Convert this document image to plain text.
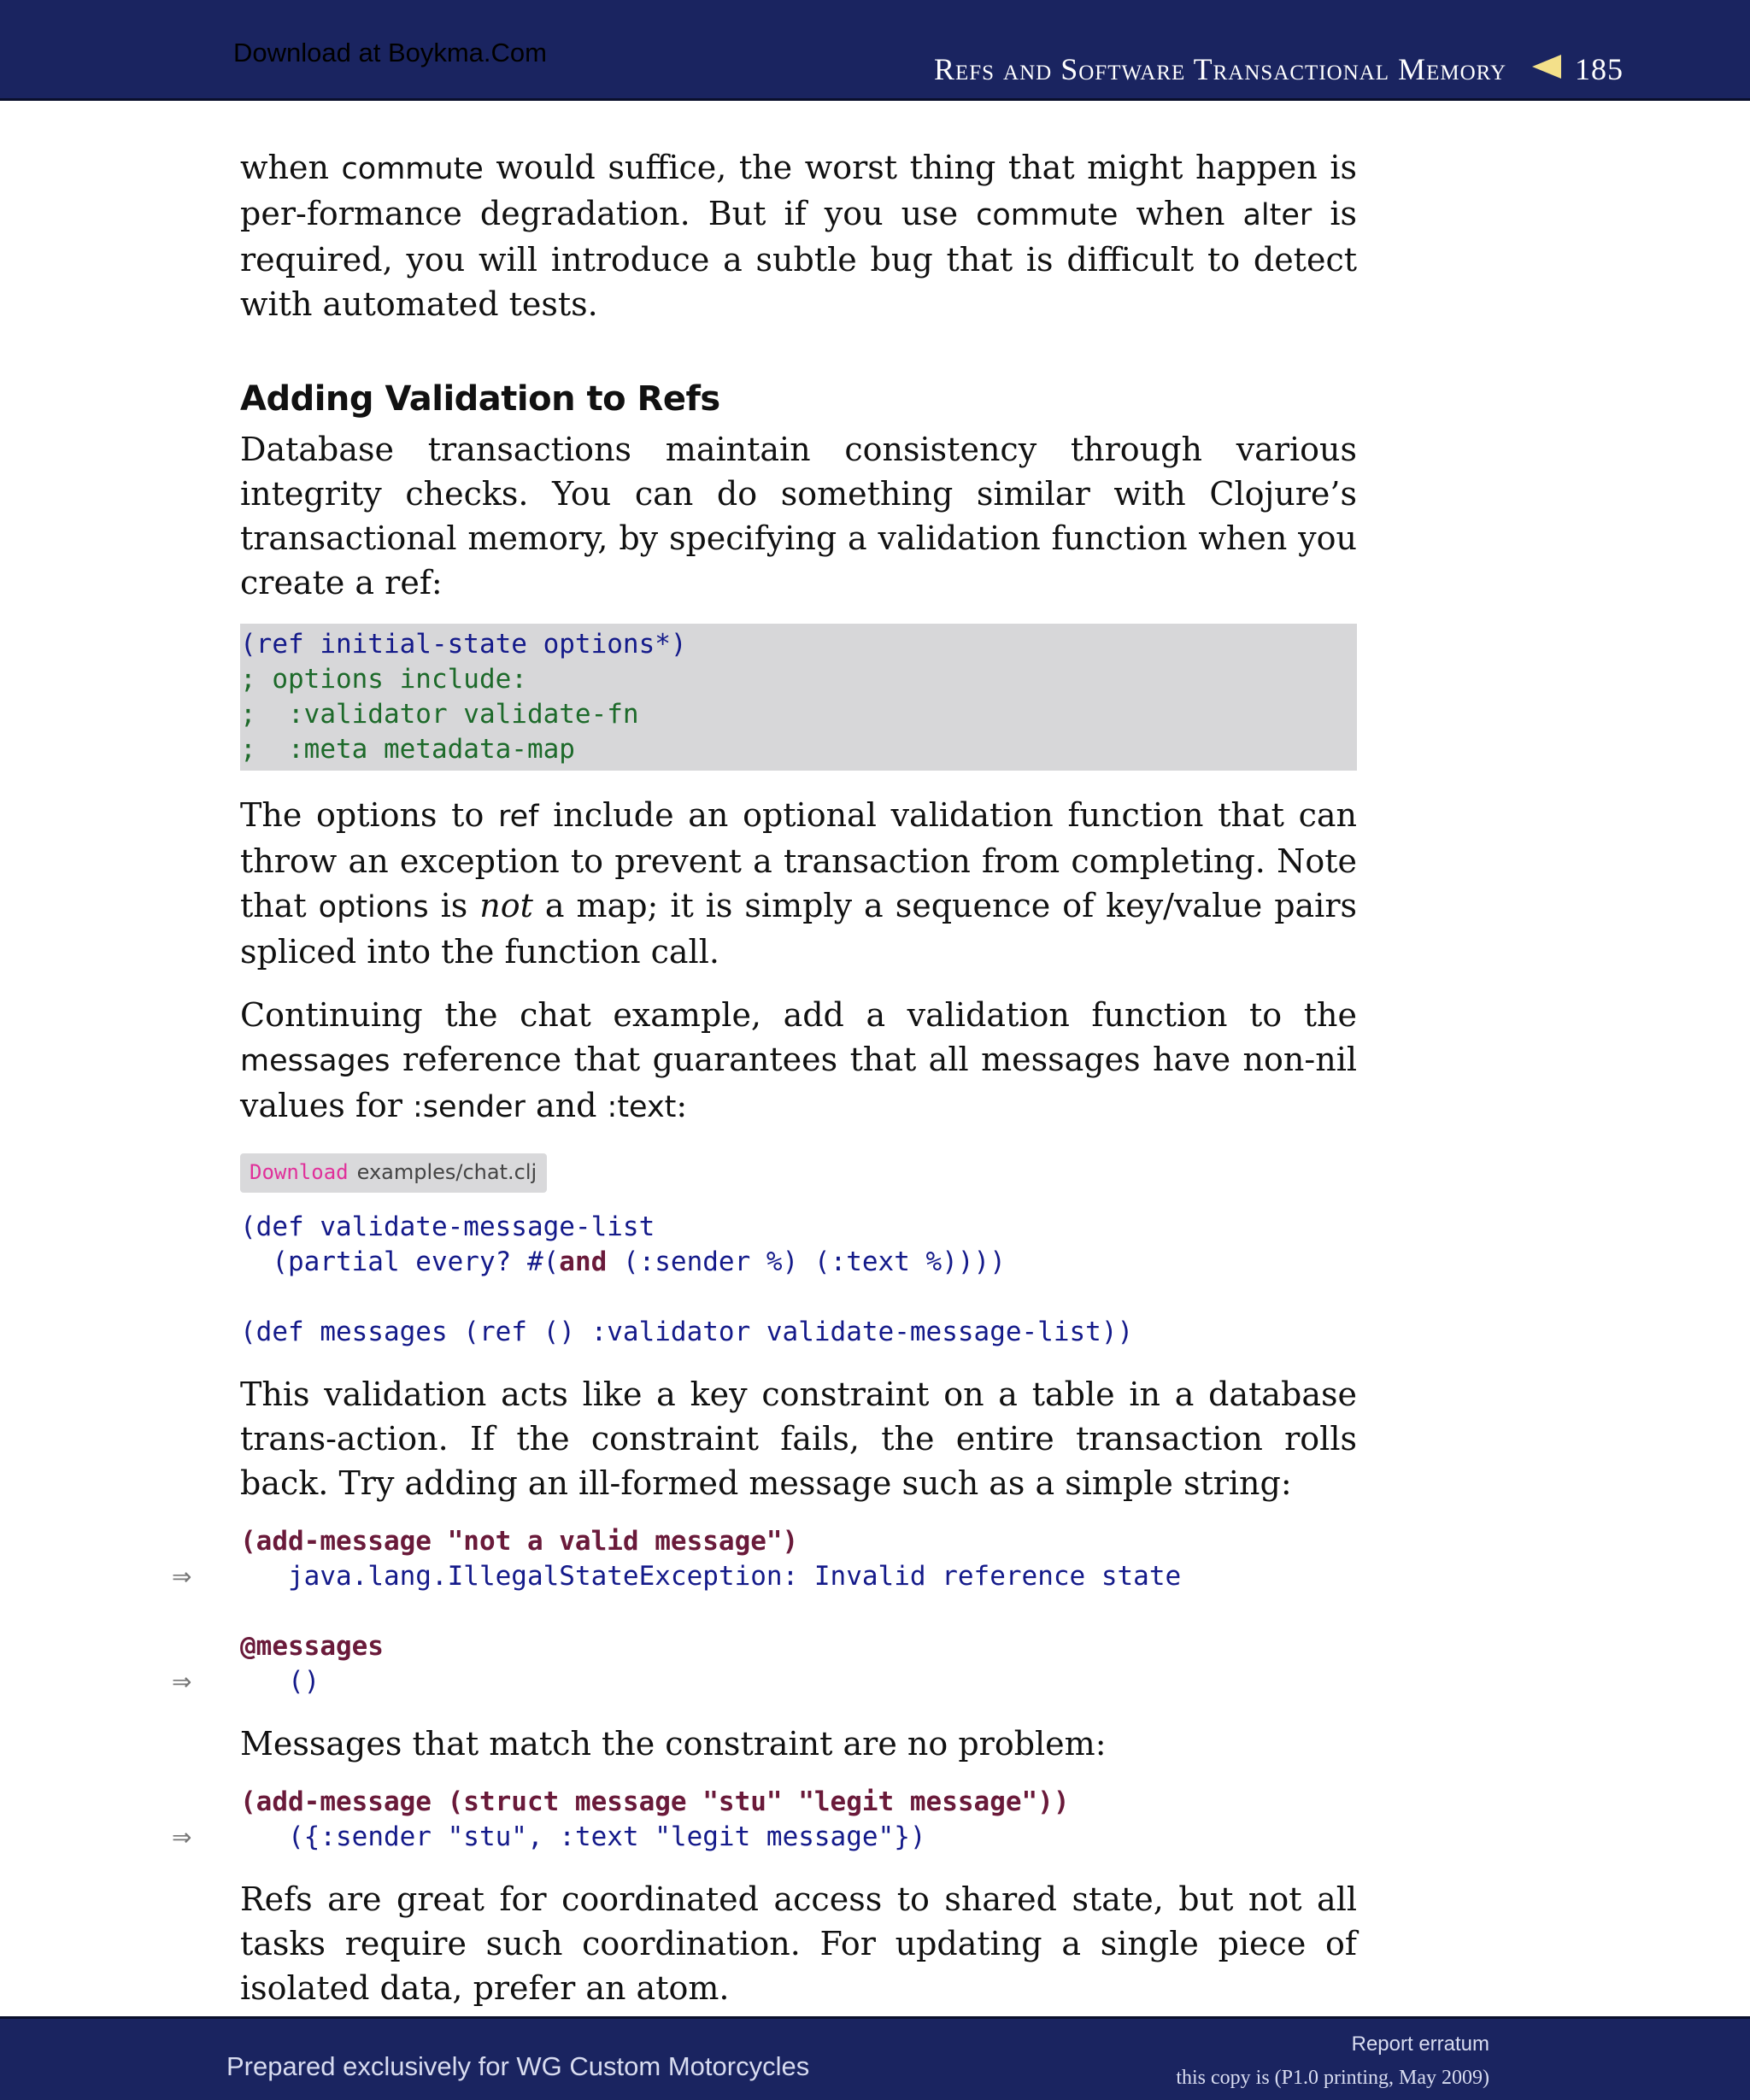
Download at Boykma.Com	Refs and Software Transactional Memory 185

when commute would suffice, the worst thing that might happen is per-formance degradation. But if you use commute when alter is required, you will introduce a subtle bug that is difficult to detect with automated tests.

Adding Validation to Refs

Database transactions maintain consistency through various integrity checks. You can do something similar with Clojure’s transactional memory, by specifying a validation function when you create a ref:

(ref initial-state options*)
; options include:
;  :validator validate-fn
;  :meta metadata-map

The options to ref include an optional validation function that can throw an exception to prevent a transaction from completing. Note that options is not a map; it is simply a sequence of key/value pairs spliced into the function call.

Continuing the chat example, add a validation function to the messages reference that guarantees that all messages have non-nil values for :sender and :text:

Download examples/chat.clj
(def validate-message-list
(partial every? #(and (:sender %) (:text %))))
(def messages (ref () :validator validate-message-list))

This validation acts like a key constraint on a table in a database trans-action. If the constraint fails, the entire transaction rolls back. Try adding an ill-formed message such as a simple string:

(add-message "not a valid message")
⇒	java.lang.IllegalStateException: Invalid reference state
@messages
⇒	()

Messages that match the constraint are no problem:

(add-message (struct message "stu" "legit message"))
⇒	({:sender "stu", :text "legit message"})

Refs are great for coordinated access to shared state, but not all tasks require such coordination. For updating a single piece of isolated data, prefer an atom.

Prepared exclusively for WG Custom Motorcycles
Report erratum
this copy is (P1.0 printing, May 2009)
